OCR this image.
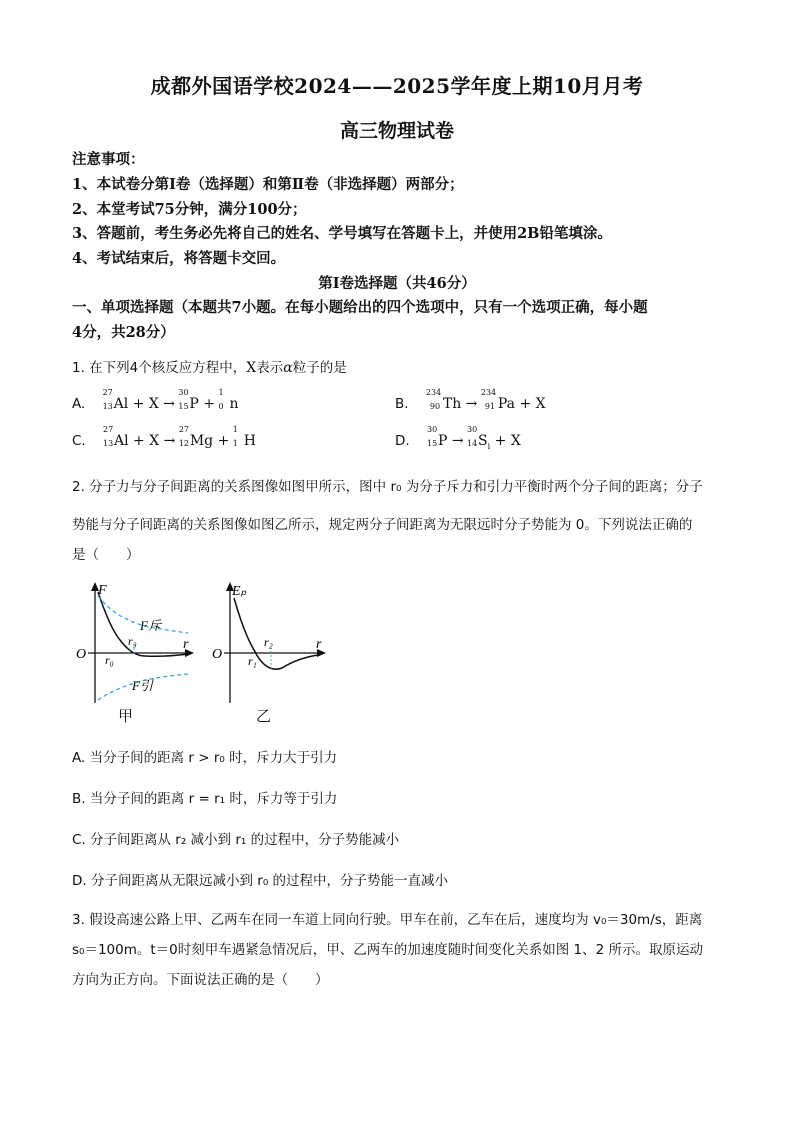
成都外国语学校2024——2025学年度上期10月月考
高三物理试卷
注意事项：
1、本试卷分第Ⅰ卷（选择题）和第Ⅱ卷（非选择题）两部分；
2、本堂考试75分钟，满分100分；
3、答题前，考生务必先将自己的姓名、学号填写在答题卡上，并使用2B铅笔填涂。
4、考试结束后，将答题卡交回。
第Ⅰ卷选择题（共46分）
一、单项选择题（本题共7小题。在每小题给出的四个选项中，只有一个选项正确，每小题
4分，共28分）
1. 在下列4个核反应方程中，X表示α粒子的是
A.
27
13 Al + X →
30
15 P +
1
0 n	B.
234
90 Th →
234
91 Pa + X
C.
27
13 Al + X →
27
12 Mg +
1
1 H	D.
30
15 P →
30
14 $S_i + X$
2. 分子力与分子间距离的关系图像如图甲所示，图中 r₀ 为分子斥力和引力平衡时两个分子间的距离；分子
势能与分子间距离的关系图像如图乙所示，规定两分子间距离为无限远时分子势能为 0。下列说法正确的
是（　　）
F
F斥
r₃
r₀
O
r
F引
甲
Eₚ
r₂
r₁
O
r
乙
A. 当分子间的距离 r > r₀ 时，斥力大于引力
B. 当分子间的距离 r = r₁ 时，斥力等于引力
C. 分子间距离从 r₂ 减小到 r₁ 的过程中，分子势能减小
D. 分子间距离从无限远减小到 r₀ 的过程中，分子势能一直减小
3. 假设高速公路上甲、乙两车在同一车道上同向行驶。甲车在前，乙车在后，速度均为 v₀＝30m/s，距离
s₀＝100m。t＝0时刻甲车遇紧急情况后，甲、乙两车的加速度随时间变化关系如图 1、2 所示。取原运动
方向为正方向。下面说法正确的是（　　）
